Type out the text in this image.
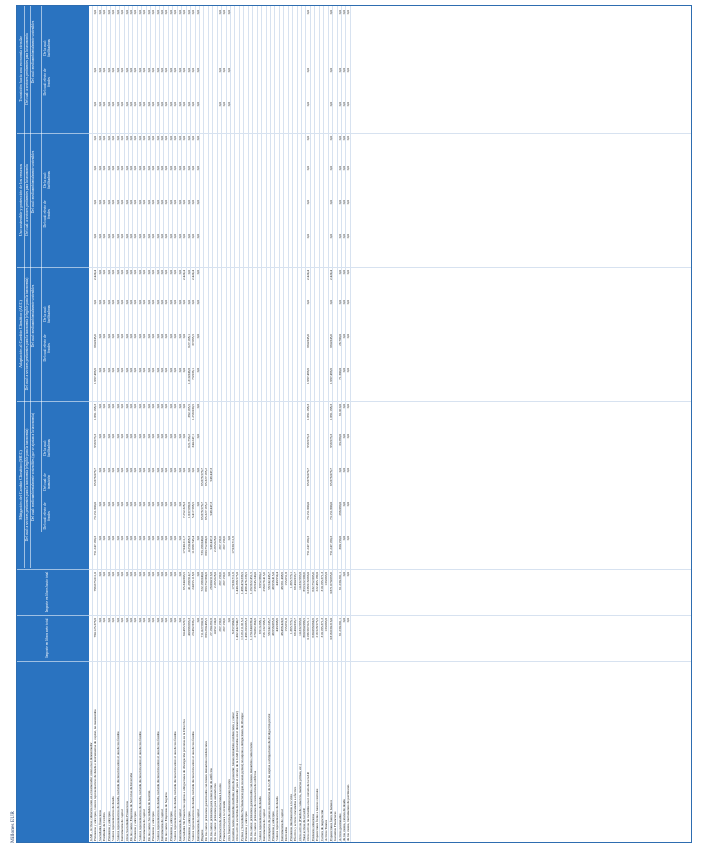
Millones EUR
Importe en libros neto total
Importe en libros bruto total
Mitigación del Cambio Climático (MCC) Del cual: a sectores pertinentes para la taxonomía (elegible para la taxonomía) Del cual: medioambientalmente sostenibles (que se ajustan a la taxonomía) Del cual: efecto de fondos
Del cual: de transición
De la cual: facilitadoras
Adaptación al Cambio Climático (ACC) Del cual: a sectores pertinentes para la taxonomía (elegible para la taxonomía) Del cual: medioambientalmente sostenibles
Del cual: efecto de fondos
De la cual: facilitadoras
Uso sostenible y protección de los recursos Del cual: a sectores pertinentes para la taxonomía Del cual: medioambientalmente sostenibles
Del cual: efecto de fondos
De la cual: facilitadoras
Transición hacia una economía circular Del cual: a sectores pertinentes para la taxonomía Del cual: medioambientalmente sostenibles Del cual: efecto de fondos
De la cual: facilitadoras
GAR - Activos cubiertos tanto en el numerador como en el denominador Préstamos y anticipos, valores representativos de deuda e instrumentos de capital, no mantenidos
784.125.376,8
796.675.011,0
751.247.190,3
73.151.800,0
65.876.076,7
959.973,3
1.881.188,3
1.987.496,9
664.845,6
0,0
2.424,4
0,0
0,0
0,0
0,0
0,0
0,0
0,0
Sociedades financieras
0,0
0,0
0,0
0,0
0,0
0,0
0,0
0,0
0,0
0,0
0,0
0,0
0,0
0,0
0,0
0,0
0,0
0,0
Entidades de Crédito
0,0
0,0
0,0
0,0
0,0
0,0
0,0
0,0
0,0
0,0
0,0
0,0
0,0
0,0
0,0
0,0
0,0
0,0
Préstamos y anticipos
0,0
0,0
0,0
0,0
0,0
0,0
0,0
0,0
0,0
0,0
0,0
0,0
0,0
0,0
0,0
0,0
0,0
0,0
Valores representativos de deuda
0,0
0,0
0,0
0,0
0,0
0,0
0,0
0,0
0,0
0,0
0,0
0,0
0,0
0,0
0,0
0,0
0,0
0,0
Valores representativos de deuda, incluida declaración sobre el uso de los fondos
0,0
0,0
0,0
0,0
0,0
0,0
0,0
0,0
0,0
0,0
0,0
0,0
0,0
0,0
0,0
0,0
0,0
0,0
Instrumentos de capital
0,0
0,0
0,0
0,0
0,0
0,0
0,0
0,0
0,0
0,0
0,0
0,0
0,0
0,0
0,0
0,0
0,0
0,0
Otras Sociedades Financieras
0,0
0,0
0,0
0,0
0,0
0,0
0,0
0,0
0,0
0,0
0,0
0,0
0,0
0,0
0,0
0,0
0,0
0,0
De las cuales: Empresas de Servicios de Inversión
0,0
0,0
0,0
0,0
0,0
0,0
0,0
0,0
0,0
0,0
0,0
0,0
0,0
0,0
0,0
0,0
0,0
0,0
Préstamos y anticipos
0,0
0,0
0,0
0,0
0,0
0,0
0,0
0,0
0,0
0,0
0,0
0,0
0,0
0,0
0,0
0,0
0,0
0,0
Valores representativos de deuda, incluida declaración sobre el uso de los fondos
0,0
0,0
0,0
0,0
0,0
0,0
0,0
0,0
0,0
0,0
0,0
0,0
0,0
0,0
0,0
0,0
0,0
0,0
Instrumentos de capital
0,0
0,0
0,0
0,0
0,0
0,0
0,0
0,0
0,0
0,0
0,0
0,0
0,0
0,0
0,0
0,0
0,0
0,0
De las cuales: Sociedades de Gestión
0,0
0,0
0,0
0,0
0,0
0,0
0,0
0,0
0,0
0,0
0,0
0,0
0,0
0,0
0,0
0,0
0,0
0,0
Préstamos y anticipos
0,0
0,0
0,0
0,0
0,0
0,0
0,0
0,0
0,0
0,0
0,0
0,0
0,0
0,0
0,0
0,0
0,0
0,0
Valores representativos de deuda, incluida declaración sobre el uso de los fondos
0,0
0,0
0,0
0,0
0,0
0,0
0,0
0,0
0,0
0,0
0,0
0,0
0,0
0,0
0,0
0,0
0,0
0,0
Instrumentos de capital
0,0
0,0
0,0
0,0
0,0
0,0
0,0
0,0
0,0
0,0
0,0
0,0
0,0
0,0
0,0
0,0
0,0
0,0
De las cuales: Empresas de Seguros
0,0
0,0
0,0
0,0
0,0
0,0
0,0
0,0
0,0
0,0
0,0
0,0
0,0
0,0
0,0
0,0
0,0
0,0
Préstamos y anticipos
0,0
0,0
0,0
0,0
0,0
0,0
0,0
0,0
0,0
0,0
0,0
0,0
0,0
0,0
0,0
0,0
0,0
0,0
Valores representativos de deuda, incluida declaración sobre el uso de los fondos
0,0
0,0
0,0
0,0
0,0
0,0
0,0
0,0
0,0
0,0
0,0
0,0
0,0
0,0
0,0
0,0
0,0
0,0
Instrumentos de capital
0,0
0,0
0,0
0,0
0,0
0,0
0,0
0,0
0,0
0,0
0,0
0,0
0,0
0,0
0,0
0,0
0,0
0,0
Sociedades No Financieras sujetas a obligaciones de divulgación previstas en la Directiva
64.495.529,5
65.344.803,5
17.940.211,7
7.252.328,3
0,0
0,0
0,0
0,0
0,0
0,0
2.424,4
0,0
0,0
0,0
0,0
0,0
0,0
0,0
Préstamos y anticipos
40.989.693,3
41.289.914,7
4.250.468,3
1.837.689,8
0,0
621.756,2
382.165,5
1.310.846,8
627.168,1
0,0
0,0
0,0
0,0
0,0
0,0
0,0
0,0
0,0
Valores representativos de deuda, incluida declaración sobre el uso de los fondos
23.492.836,2
24.055.118,8
11.689.743,4
5.417.598,5
0,0
344.247,1
1.259.030,5
73.936,1
37.685,5
0,0
2.424,4
0,0
0,0
0,0
0,0
0,0
0,0
0,0
Instrumentos de capital
0,0
0,0
0,0
0,0
0,0
0,0
0,0
0,0
0,0
0,0
0,0
0,0
0,0
0,0
0,0
0,0
0,0
0,0
Hogares
711.027.602,8
722.189.040,0
733.189.040,0
65.876.576,7
65.876.576,7
De los cuales: préstamos garantizados con bienes inmuebles residenciales
683.290.485,5
693.752.894,9
683.752.894,9
65.327.195,2
65.327.195,2
De los cuales: préstamos para renovación de edificios
27.184.292,8
28.004.516,8
549.447,3
549.447,3
549.447,3
De los cuales: préstamos para automóviles
4.052.134,0
2.265.628,0
2.265.628,0
Financiación de Administraciones Locales
267.159,6
267.159,6
267.159,6
0,0
0,0
0,0
Financiación para la vivienda
267.159,6
267.159,6
267.159,6
0,0
0,0
0,0
Otra financiación de administraciones locales
0,0
0,0
0,0
0,0
0,0
0,0
Garantías reales obtenidas mediante toma de posesión: bienes inmuebles residenciales y comer
8.357.084,9
17.930.711,9
17.930.711,9
Otros activos excluidos del numerador para el cálculo de la GAR (incluidos en el denominador)
1.402.442.944,7
1.440.266.575,0
Pymes y Sociedades No financieras (que no sean pymes) no sujetas a obligaciones de divulgac
1.519.211.015,3
1.486.474.336,5
Préstamos y anticipos
1.489.203.665,3
1.489.476.236,5
De los cuales: préstamos garantizados con bienes inmuebles comerciales
1.174.344.639,4
1.192.822.451,5
De los cuales: préstamos de renovación de edificios
270.062.364,9
259.945.240,0
Valores representativos de deuda
9.913.288,1
9.952.860,2
Instrumentos de capital
256.132.588,3
258.679.415,6
Contrapartes de países no miembros de la UE no sujetas a obligaciones de divulgación previst
58.542.245,7
58.542.445,7
Préstamos y anticipos
49.958.095,8
49.958.415,0
Valores representativos de deuda
443.808,9
443.954,4
Instrumentos de capital
48.498.424,8
48.561.408,9
Derivados
155.651,8
155.651,8
Préstamos interbancarios a la vista
1.365.773,1
1.365.773,1
Efectivo y activos vinculados a efectivo
69.404.833,7
69.404.833,7
Otros activos (Fondo de comercio, materias primas, etc.)
14.332.993,8
14.332.993,8
Total activos de la GAR
860.964.986,5
853.522.509,6
Otros activos no incluidos en el cálculo de la GAR
3.186.567.621,1
3.238.918.666,0
751.247.190,3
73.151.800,0
65.876.076,7
959.973,3
1.881.188,3
1.987.496,9
664.845,6
0,0
2.424,4
0,0
0,0
0,0
0,0
0,0
0,0
0,0
Emisores soberanos
630.098.664,9
632.752.005,6
Exposiciones frente a bancos centrales
219.528.575,5
222.495.189,0
Cartera de negociación
310.185.371,3
310.185.371,3
Activos Totales
133.663,8
133.663,8
Exposiciones fuera de balance
3.816.630.216,0
3.871.670.695,6
751.247.190,3
73.151.800,0
65.876.076,7
959.973,3
1.881.188,3
1.987.496,9
664.845,6
0,0
2.424,4
0,0
0,0
0,0
0,0
0,0
0,0
0,0
Garantías Financieras Activos gestionados
61.230.201,1
61.230.201,1
300.150,0
296.060,0
0,0
33.290,0
61.010,0
71.300,0
26.700,0
0,0
0,0
0,0
0,0
0,0
0,0
0,0
0,0
0,0
de los cuales, valores de deuda
0,0
0,0
0,0
0,0
0,0
0,0
0,0
0,0
0,0
0,0
0,0
0,0
0,0
0,0
0,0
0,0
0,0
0,0
de los cuales, instrumentos de patrimonio
0,0
0,0
0,0
0,0
0,0
0,0
0,0
0,0
0,0
0,0
0,0
0,0
0,0
0,0
0,0
0,0
0,0
0,0
